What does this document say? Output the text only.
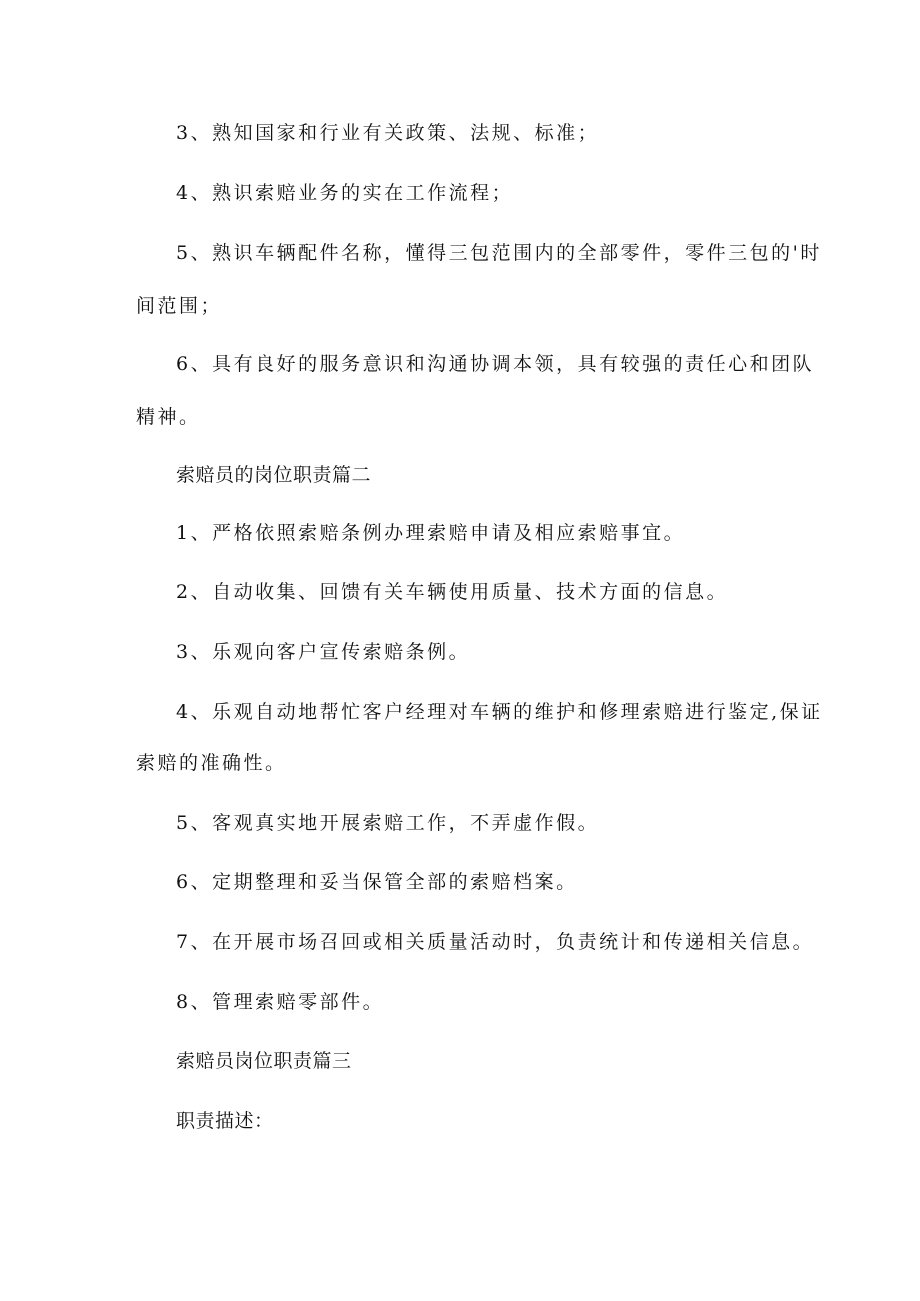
3、熟知国家和行业有关政策、法规、标准；
4、熟识索赔业务的实在工作流程；
5、熟识车辆配件名称，懂得三包范围内的全部零件，零件三包的'时
间范围；
6、具有良好的服务意识和沟通协调本领，具有较强的责任心和团队
精神。
索赔员的岗位职责篇二
1、严格依照索赔条例办理索赔申请及相应索赔事宜。
2、自动收集、回馈有关车辆使用质量、技术方面的信息。
3、乐观向客户宣传索赔条例。
4、乐观自动地帮忙客户经理对车辆的维护和修理索赔进行鉴定,保证
索赔的准确性。
5、客观真实地开展索赔工作，不弄虚作假。
6、定期整理和妥当保管全部的索赔档案。
7、在开展市场召回或相关质量活动时，负责统计和传递相关信息。
8、管理索赔零部件。
索赔员岗位职责篇三
职责描述：
